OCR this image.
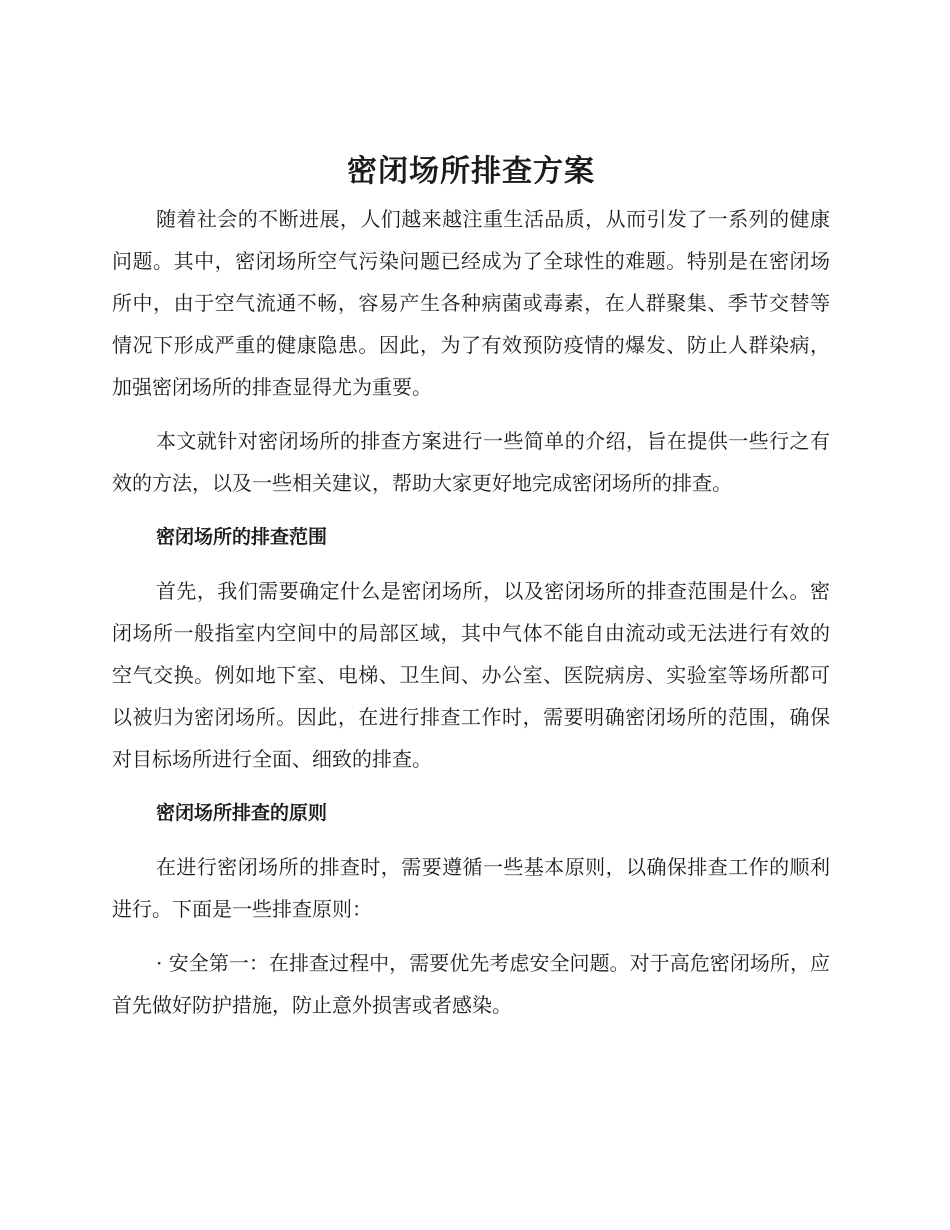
密闭场所排查方案

随着社会的不断进展，人们越来越注重生活品质，从而引发了一系列的健康问题。其中，密闭场所空气污染问题已经成为了全球性的难题。特别是在密闭场所中，由于空气流通不畅，容易产生各种病菌或毒素，在人群聚集、季节交替等情况下形成严重的健康隐患。因此，为了有效预防疫情的爆发、防止人群染病，加强密闭场所的排查显得尤为重要。

本文就针对密闭场所的排查方案进行一些简单的介绍，旨在提供一些行之有效的方法，以及一些相关建议，帮助大家更好地完成密闭场所的排查。

密闭场所的排查范围

首先，我们需要确定什么是密闭场所，以及密闭场所的排查范围是什么。密闭场所一般指室内空间中的局部区域，其中气体不能自由流动或无法进行有效的空气交换。例如地下室、电梯、卫生间、办公室、医院病房、实验室等场所都可以被归为密闭场所。因此，在进行排查工作时，需要明确密闭场所的范围，确保对目标场所进行全面、细致的排查。

密闭场所排查的原则

在进行密闭场所的排查时，需要遵循一些基本原则，以确保排查工作的顺利进行。下面是一些排查原则：

· 安全第一：在排查过程中，需要优先考虑安全问题。对于高危密闭场所，应首先做好防护措施，防止意外损害或者感染。
